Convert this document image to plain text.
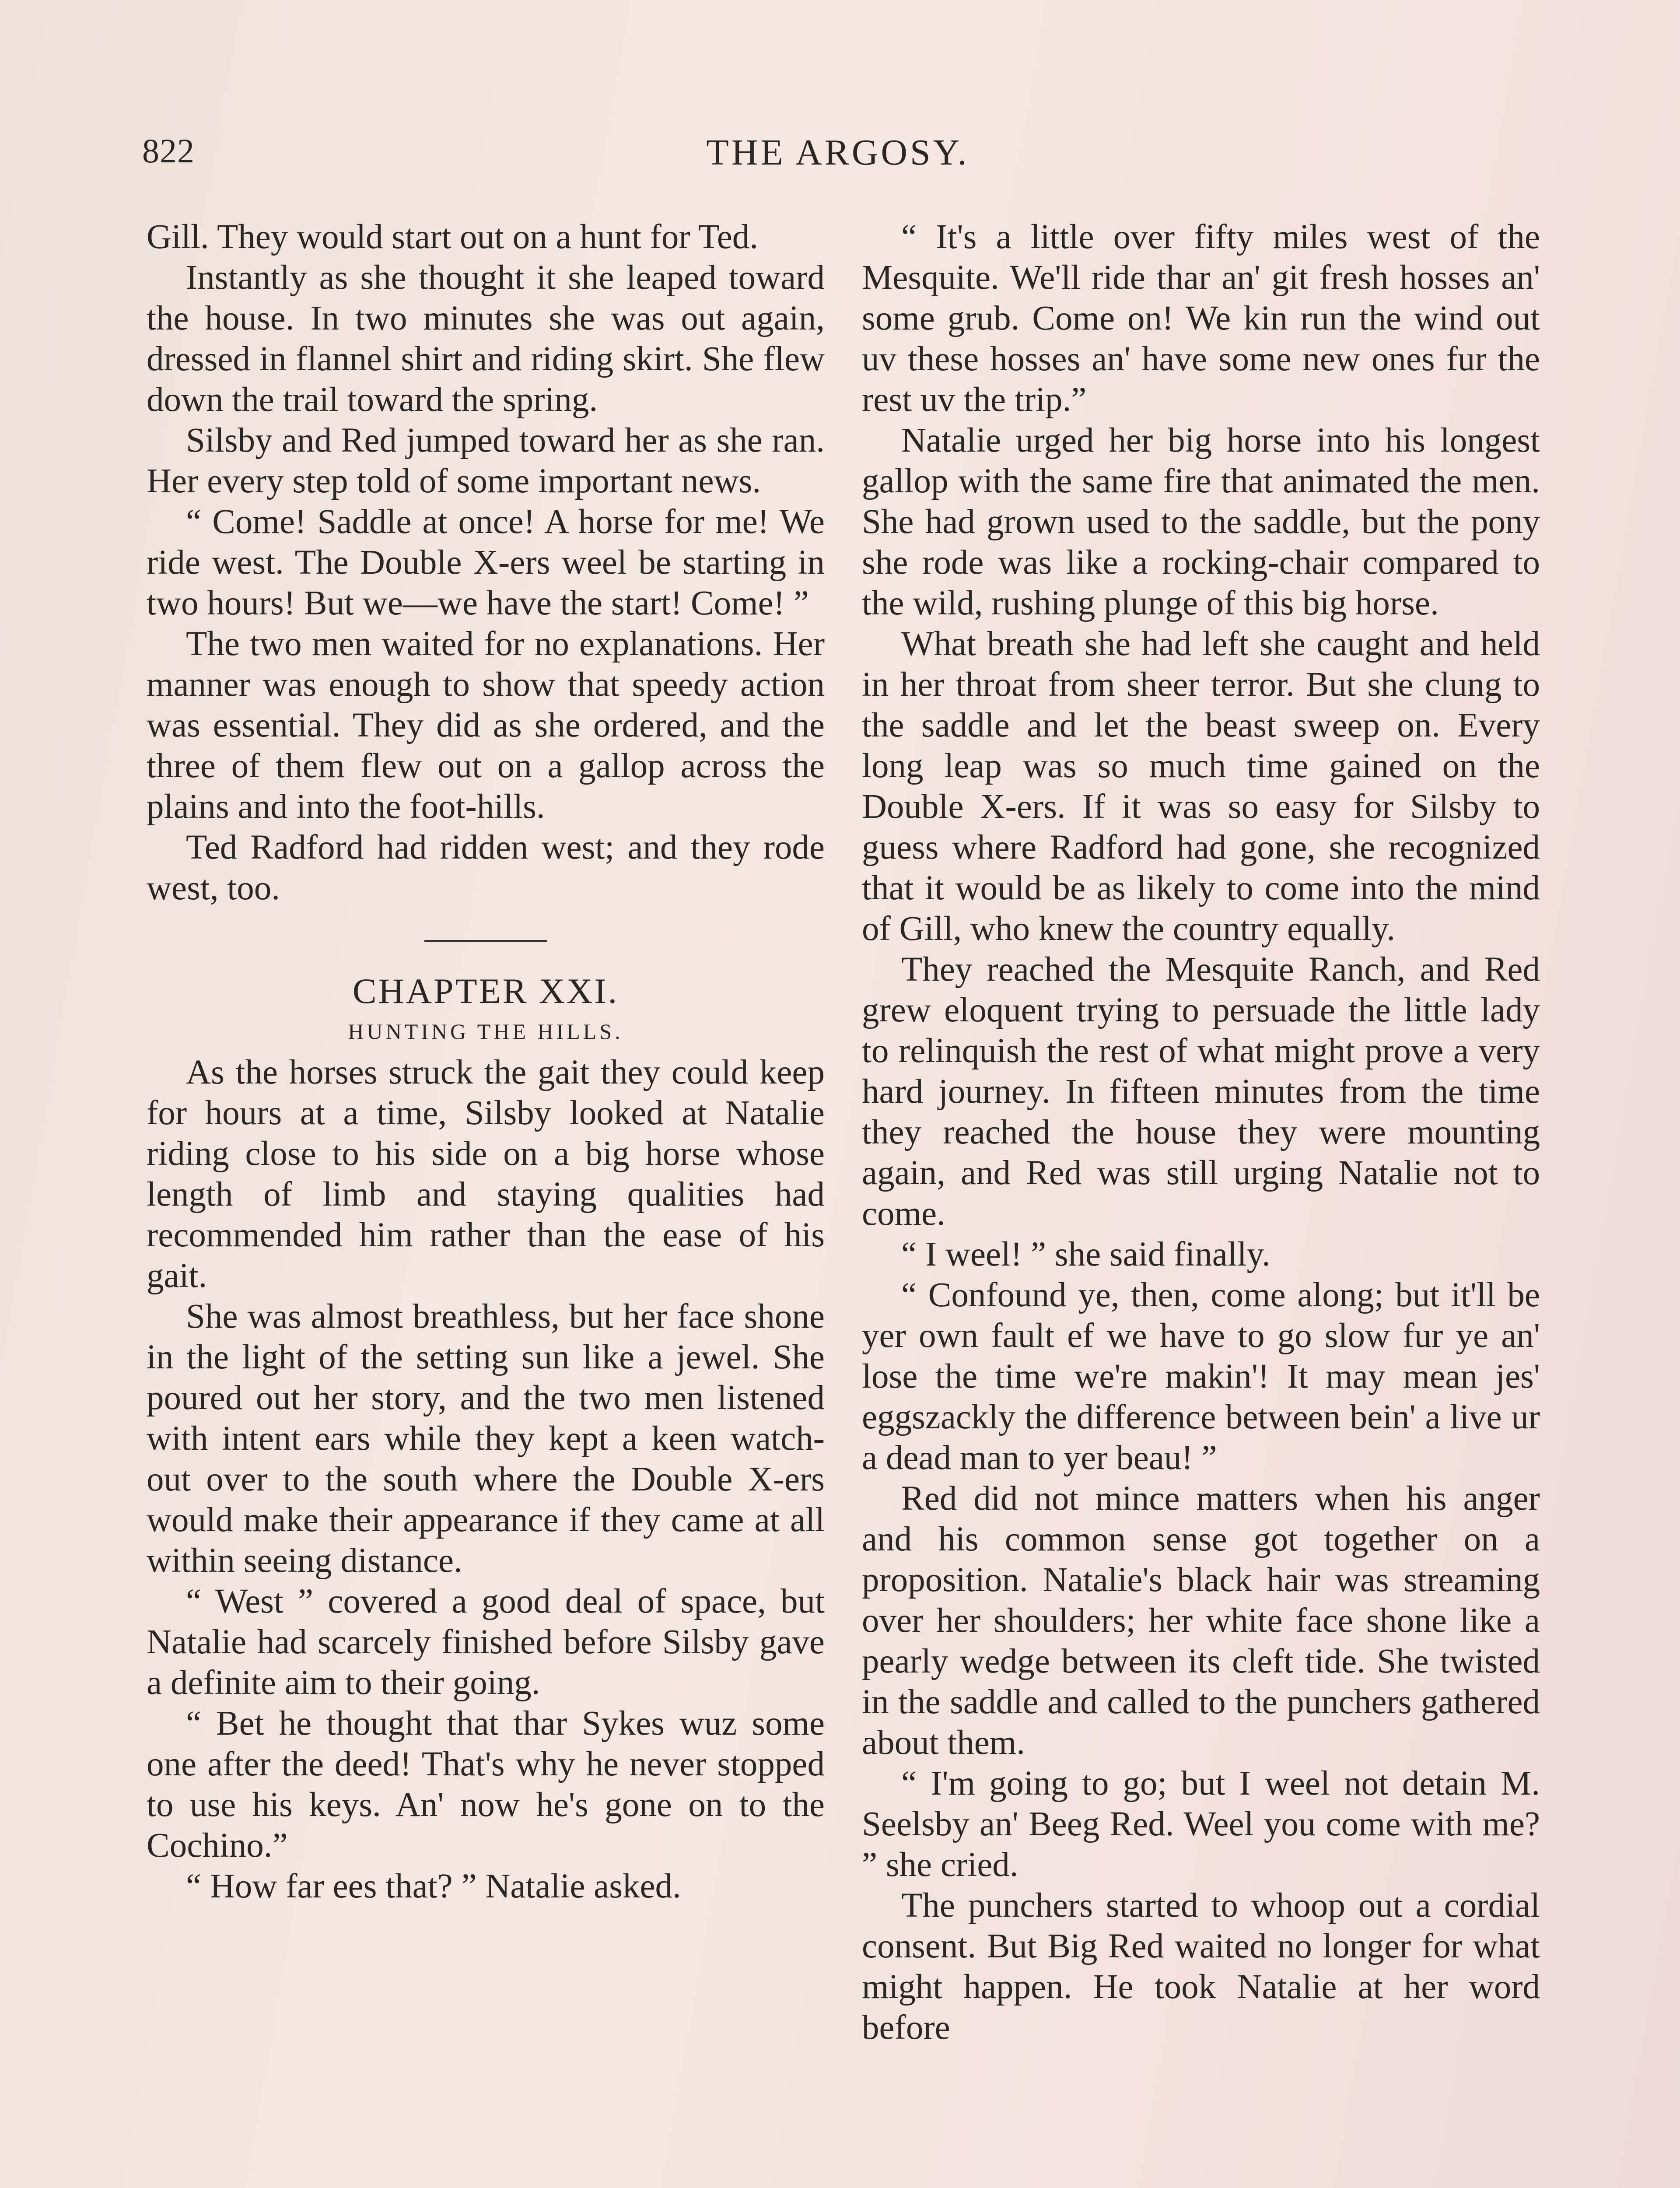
822	THE ARGOSY.

Gill. They would start out on a hunt for Ted.

Instantly as she thought it she leaped toward the house. In two minutes she was out again, dressed in flannel shirt and riding skirt. She flew down the trail toward the spring.

Silsby and Red jumped toward her as she ran. Her every step told of some important news.

“ Come! Saddle at once! A horse for me! We ride west. The Double X-ers weel be starting in two hours! But we—we have the start! Come! ”

The two men waited for no explanations. Her manner was enough to show that speedy action was essential. They did as she ordered, and the three of them flew out on a gallop across the plains and into the foot-hills.

Ted Radford had ridden west; and they rode west, too.

CHAPTER XXI.

HUNTING THE HILLS.

As the horses struck the gait they could keep for hours at a time, Silsby looked at Natalie riding close to his side on a big horse whose length of limb and staying qualities had recommended him rather than the ease of his gait.

She was almost breathless, but her face shone in the light of the setting sun like a jewel. She poured out her story, and the two men listened with intent ears while they kept a keen watch-out over to the south where the Double X-ers would make their appearance if they came at all within seeing distance.

“ West ” covered a good deal of space, but Natalie had scarcely finished before Silsby gave a definite aim to their going.

“ Bet he thought that thar Sykes wuz some one after the deed! That's why he never stopped to use his keys. An' now he's gone on to the Cochino.”

“ How far ees that? ” Natalie asked.

“ It's a little over fifty miles west of the Mesquite. We'll ride thar an' git fresh hosses an' some grub. Come on! We kin run the wind out uv these hosses an' have some new ones fur the rest uv the trip.”

Natalie urged her big horse into his longest gallop with the same fire that animated the men. She had grown used to the saddle, but the pony she rode was like a rocking-chair compared to the wild, rushing plunge of this big horse.

What breath she had left she caught and held in her throat from sheer terror. But she clung to the saddle and let the beast sweep on. Every long leap was so much time gained on the Double X-ers. If it was so easy for Silsby to guess where Radford had gone, she recognized that it would be as likely to come into the mind of Gill, who knew the country equally.

They reached the Mesquite Ranch, and Red grew eloquent trying to persuade the little lady to relinquish the rest of what might prove a very hard journey. In fifteen minutes from the time they reached the house they were mounting again, and Red was still urging Natalie not to come.

“ I weel! ” she said finally.

“ Confound ye, then, come along; but it'll be yer own fault ef we have to go slow fur ye an' lose the time we're makin'! It may mean jes' eggszackly the difference between bein' a live ur a dead man to yer beau! ”

Red did not mince matters when his anger and his common sense got together on a proposition. Natalie's black hair was streaming over her shoulders; her white face shone like a pearly wedge between its cleft tide. She twisted in the saddle and called to the punchers gathered about them.

“ I'm going to go; but I weel not detain M. Seelsby an' Beeg Red. Weel you come with me? ” she cried.

The punchers started to whoop out a cordial consent. But Big Red waited no longer for what might happen. He took Natalie at her word before
